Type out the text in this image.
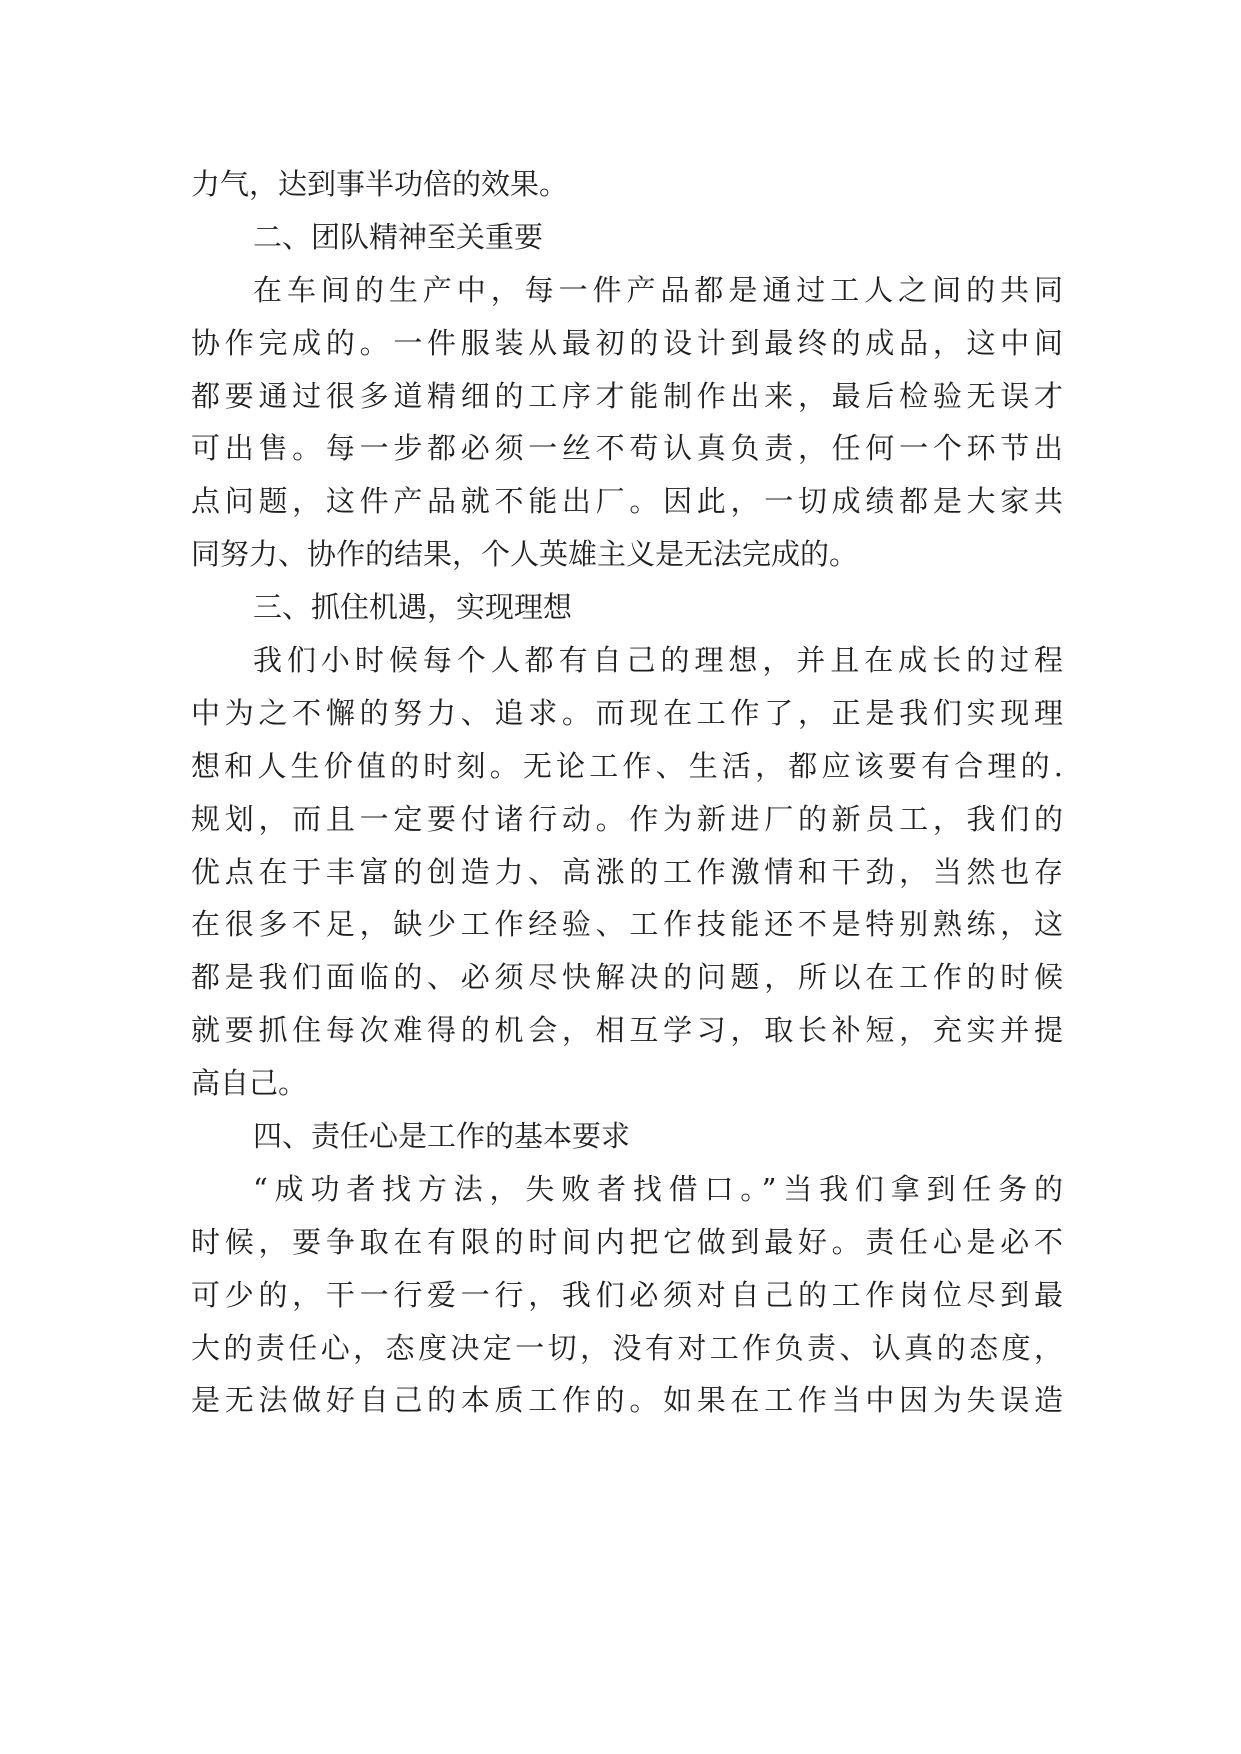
力气，达到事半功倍的效果。
二、团队精神至关重要
在车间的生产中，每一件产品都是通过工人之间的共同
协作完成的。一件服装从最初的设计到最终的成品，这中间
都要通过很多道精细的工序才能制作出来，最后检验无误才
可出售。每一步都必须一丝不苟认真负责，任何一个环节出
点问题，这件产品就不能出厂。因此，一切成绩都是大家共
同努力、协作的结果，个人英雄主义是无法完成的。
三、抓住机遇，实现理想
我们小时候每个人都有自己的理想，并且在成长的过程
中为之不懈的努力、追求。而现在工作了，正是我们实现理
想和人生价值的时刻。无论工作、生活，都应该要有合理的.
规划，而且一定要付诸行动。作为新进厂的新员工，我们的
优点在于丰富的创造力、高涨的工作激情和干劲，当然也存
在很多不足，缺少工作经验、工作技能还不是特别熟练，这
都是我们面临的、必须尽快解决的问题，所以在工作的时候
就要抓住每次难得的机会，相互学习，取长补短，充实并提
高自己。
四、责任心是工作的基本要求
“成功者找方法，失败者找借口。”当我们拿到任务的
时候，要争取在有限的时间内把它做到最好。责任心是必不
可少的，干一行爱一行，我们必须对自己的工作岗位尽到最
大的责任心，态度决定一切，没有对工作负责、认真的态度，
是无法做好自己的本质工作的。如果在工作当中因为失误造
